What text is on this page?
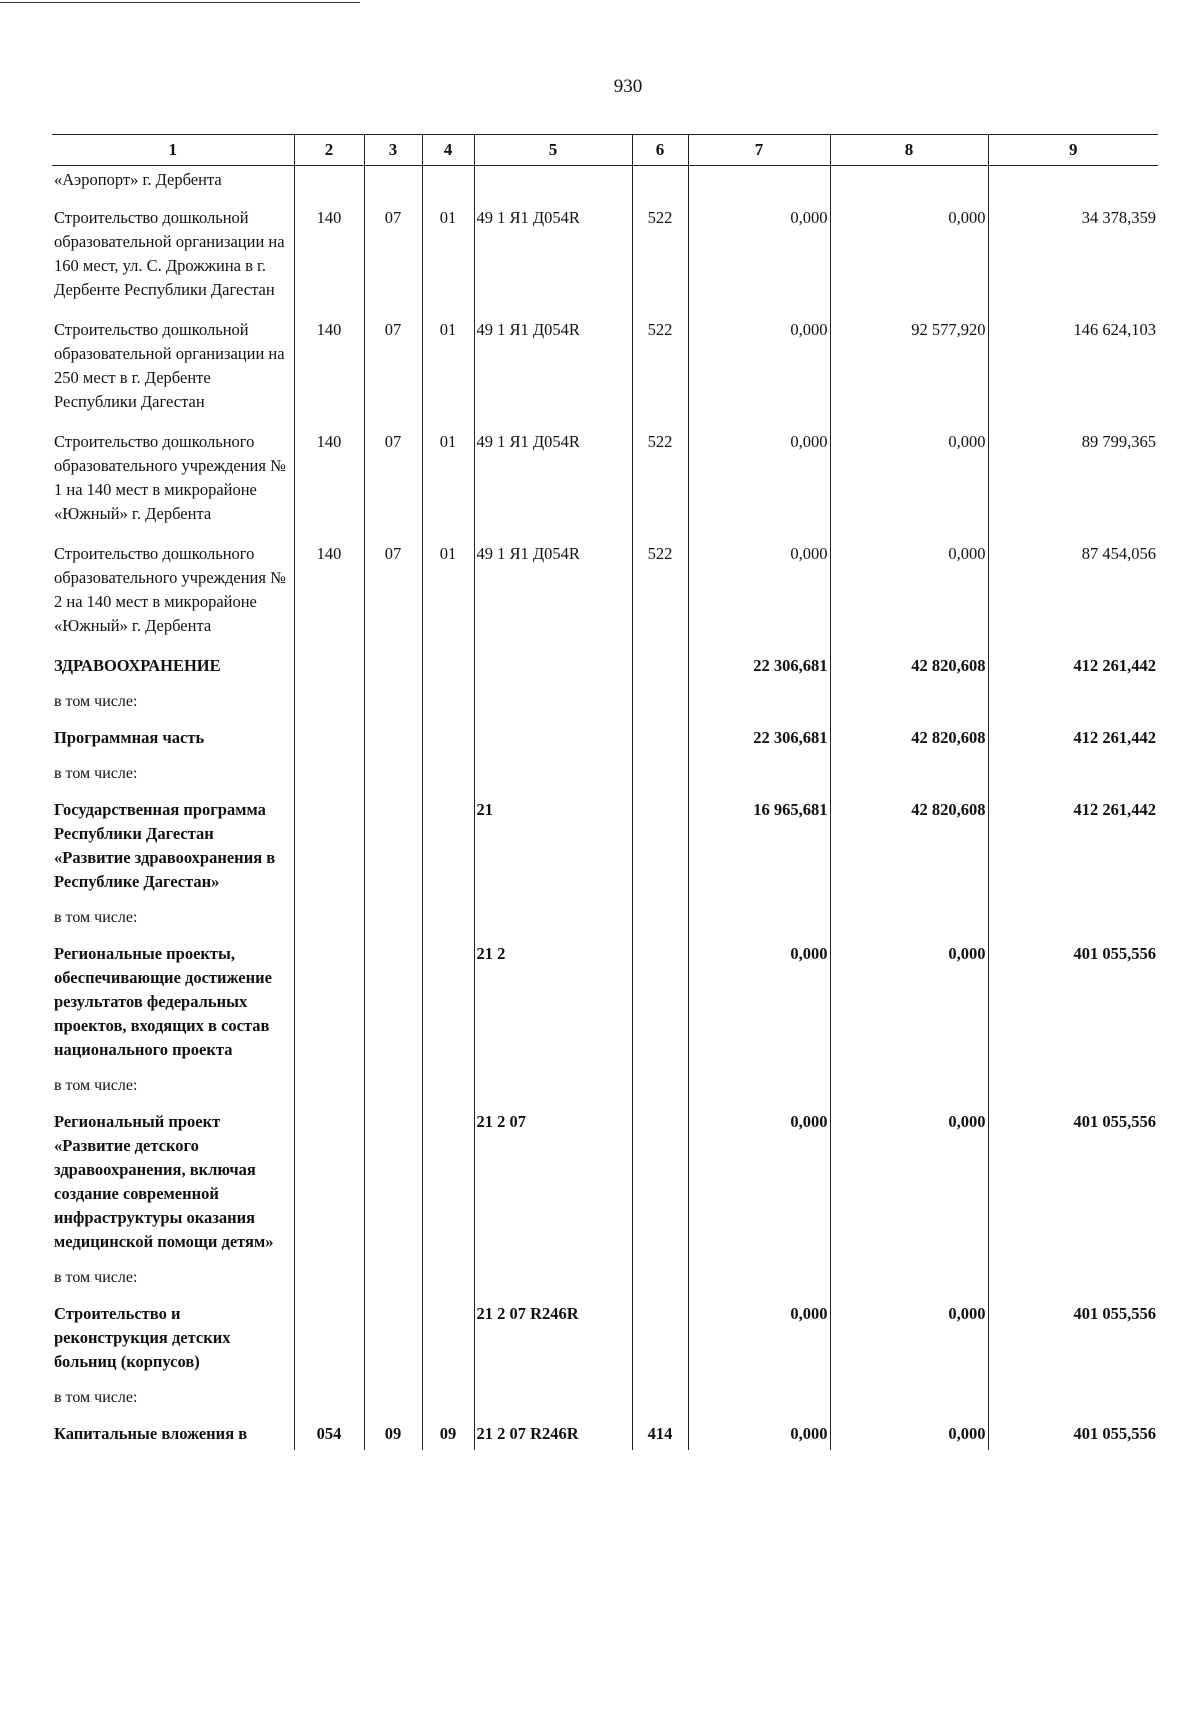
930
1	2	3	4	5	6	7	8	9
«Аэропорт» г. Дербента								
Строительство дошкольной образовательной организации на 160 мест, ул. С. Дрожжина в г. Дербенте Республики Дагестан	140	07	01	49 1 Я1 Д054R	522	0,000	0,000	34 378,359
Строительство дошкольной образовательной организации на 250 мест в г. Дербенте Республики Дагестан	140	07	01	49 1 Я1 Д054R	522	0,000	92 577,920	146 624,103
Строительство дошкольного образовательного учреждения № 1 на 140 мест в микрорайоне «Южный» г. Дербента	140	07	01	49 1 Я1 Д054R	522	0,000	0,000	89 799,365
Строительство дошкольного образовательного учреждения № 2 на 140 мест в микрорайоне «Южный» г. Дербента	140	07	01	49 1 Я1 Д054R	522	0,000	0,000	87 454,056
ЗДРАВООХРАНЕНИЕ						22 306,681	42 820,608	412 261,442
в том числе:								
Программная часть						22 306,681	42 820,608	412 261,442
в том числе:								
Государственная программа Республики Дагестан «Развитие здравоохранения в Республике Дагестан»				21		16 965,681	42 820,608	412 261,442
в том числе:								
Региональные проекты, обеспечивающие достижение результатов федеральных проектов, входящих в состав национального проекта				21 2		0,000	0,000	401 055,556
в том числе:								
Региональный проект «Развитие детского здравоохранения, включая создание современной инфраструктуры оказания медицинской помощи детям»				21 2 07		0,000	0,000	401 055,556
в том числе:								
Строительство и реконструкция детских больниц (корпусов)				21 2 07 R246R		0,000	0,000	401 055,556
в том числе:								
Капитальные вложения в	054	09	09	21 2 07 R246R	414	0,000	0,000	401 055,556
